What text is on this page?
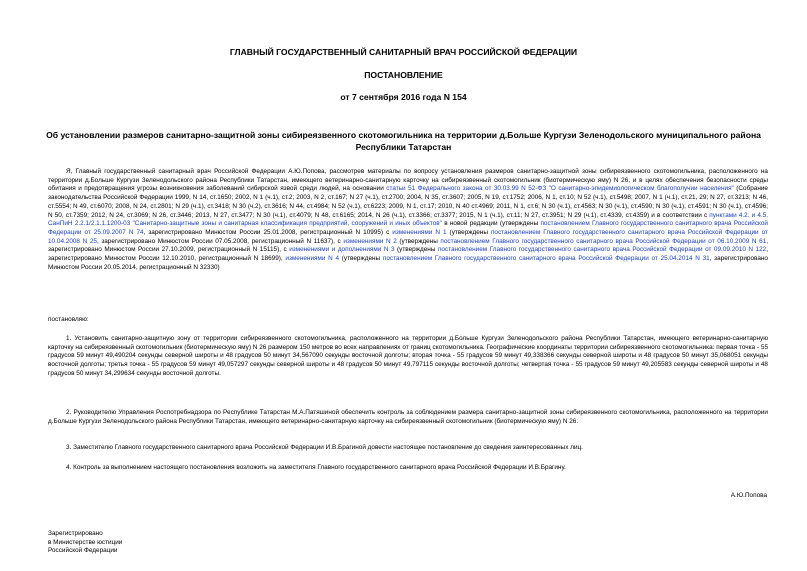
ГЛАВНЫЙ ГОСУДАРСТВЕННЫЙ САНИТАРНЫЙ ВРАЧ РОССИЙСКОЙ ФЕДЕРАЦИИ
ПОСТАНОВЛЕНИЕ
от 7 сентября 2016 года N 154
Об установлении размеров санитарно-защитной зоны сибиреязвенного скотомогильника на территории д.Больше Кургузи Зеленодольского муниципального района Республики Татарстан
Я, Главный государственный санитарный врач Российской Федерации А.Ю.Попова, рассмотрев материалы по вопросу установления размеров санитарно-защитной зоны сибиреязвенного скотомогильника, расположенного на территории д.Больше Кургузи Зеленодольского района Республики Татарстан, имеющего ветеринарно-санитарную карточку на сибиреязвенный скотомогильник (биотермическую яму) N 26, и в целях обеспечения безопасности среды обитания и предотвращения угрозы возникновения заболеваний сибирской язвой среди людей, на основании статьи 51 Федерального закона от 30.03.99 N 52-ФЗ "О санитарно-эпидемиологическом благополучии населения" (Собрание законодательства Российской Федерации 1999, N 14, ст.1650; 2002, N 1 (ч.1), ст.2; 2003, N 2, ст.167; N 27 (ч.1), ст.2700; 2004, N 35, ст.3607; 2005, N 19, ст.1752; 2006, N 1, ст.10; N 52 (ч.1), ст.5498; 2007, N 1 (ч.1), ст.21, 29; N 27, ст.3213; N 46, ст.5554; N 49, ст.6070; 2008, N 24, ст.2801; N 29 (ч.1), ст.3418; N 30 (ч.2), ст.3616; N 44, ст.4984; N 52 (ч.1), ст.6223; 2009, N 1, ст.17; 2010, N 40 ст.4969; 2011, N 1, ст.6; N 30 (ч.1), ст.4563; N 30 (ч.1), ст.4590; N 30 (ч.1), ст.4591; N 30 (ч.1), ст.4596; N 50, ст.7359; 2012, N 24, ст.3069; N 26, ст.3446; 2013, N 27, ст.3477; N 30 (ч.1), ст.4079; N 48, ст.6165; 2014, N 26 (ч.1), ст.3366; ст.3377; 2015, N 1 (ч.1), ст.11; N 27, ст.3951; N 29 (ч.1), ст.4339, ст.4359) и в соответствии с пунктами 4.2. и 4.5. СанПиН 2.2.1/2.1.1.1200-03 "Санитарно-защитные зоны и санитарная классификация предприятий, сооружений и иных объектов" в новой редакции (утверждены постановлением Главного государственного санитарного врача Российской Федерации от 25.09.2007 N 74, зарегистрировано Минюстом России 25.01.2008, регистрационный N 10995) с изменениями N 1 (утверждены постановлением Главного государственного санитарного врача Российской Федерации от 10.04.2008 N 25, зарегистрировано Минюстом России 07.05.2008, регистрационный N 11637), с изменениями N 2 (утверждены постановлением Главного государственного санитарного врача Российской Федерации от 06.10.2009 N 61, зарегистрировано Минюстом России 27.10.2009, регистрационный N 15115), с изменениями и дополнениями N 3 (утверждены постановлением Главного государственного санитарного врача Российской Федерации от 09.09.2010 N 122, зарегистрировано Минюстом России 12.10.2010, регистрационный N 18699), изменениями N 4 (утверждены постановлением Главного государственного санитарного врача Российской Федерации от 25.04.2014 N 31, зарегистрировано Минюстом России 20.05.2014, регистрационный N 32330)
постановляю:
1. Установить санитарно-защитную зону от территории сибиреязвенного скотомогильника, расположенного на территории д.Больше Кургузи Зеленодольского района Республики Татарстан, имеющего ветеринарно-санитарную карточку на сибиреязвенный скотомогильник (биотермическую яму) N 26 размером 150 метров во всех направлениях от границ скотомогильника. Географические координаты территории сибиреязвенного скотомогильника: первая точка - 55 градусов 59 минут 49,490204 секунды северной широты и 48 градусов 50 минут 34,567090 секунды восточной долготы; вторая точка - 55 градусов 59 минут 49,338366 секунды северной широты и 48 градусов 50 минут 35,068051 секунды восточной долготы; третья точка - 55 градусов 59 минут 49,057297 секунды северной широты и 48 градусов 50 минут 49,797115 секунды восточной долготы; четвертая точка - 55 градусов 59 минут 49,205583 секунды северной широты и 48 градусов 50 минут 34,299634 секунды восточной долготы.
2. Руководителю Управления Роспотребнадзора по Республике Татарстан М.А.Патяшиной обеспечить контроль за соблюдением размера санитарно-защитной зоны сибиреязвенного скотомогильника, расположенного на территории д.Больше Кургузи Зеленодольского района Республики Татарстан, имеющего ветеринарно-санитарную карточку на сибиреязвенный скотомогильник (биотермическую яму) N 26.
3. Заместителю Главного государственного санитарного врача Российской Федерации И.В.Брагиной довести настоящее постановление до сведения заинтересованных лиц.
4. Контроль за выполнением настоящего постановления возложить на заместителя Главного государственного санитарного врача Российской Федерации И.В.Брагину.
А.Ю.Попова
Зарегистрировано
в Министерстве юстиции
Российской Федерации
